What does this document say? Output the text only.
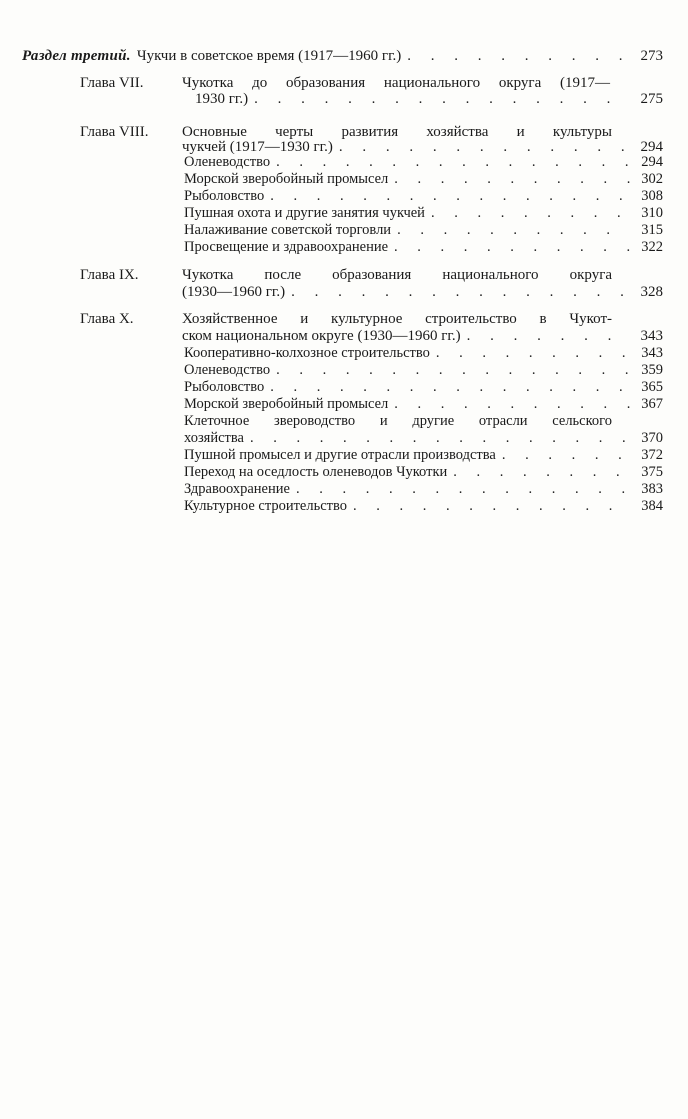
Раздел третий. Чукчи в советское время (1917—1960 гг.) . . .	273
Глава VII.	Чукотка до образования национального округа (1917—
1930 гг.) . . .	275
Глава VIII. Основные черты развития хозяйства и культуры
чукчей (1917—1930 гг.) . . .	294
Оленеводство . . .	294
Морской зверобойный промысел . . .	302
Рыболовство . . .	308
Пушная охота и другие занятия чукчей . . .	310
Налаживание советской торговли . . .	315
Просвещение и здравоохранение . . .	322
Глава IX.	Чукотка после образования национального округа
(1930—1960 гг.) . . .	328
Глава X.	Хозяйственное и культурное строительство в Чукот-
ском национальном округе (1930—1960 гг.) . . .	343
Кооперативно-колхозное строительство . . .	343
Оленеводство . . .	359
Рыболовство . . .	365
Морской зверобойный промысел . . .	367
Клеточное звероводство и другие отрасли сельского
хозяйства . . .	370
Пушной промысел и другие отрасли производства . . .	372
Переход на оседлость оленеводов Чукотки . . .	375
Здравоохранение . . .	383
Культурное строительство . . .	384
